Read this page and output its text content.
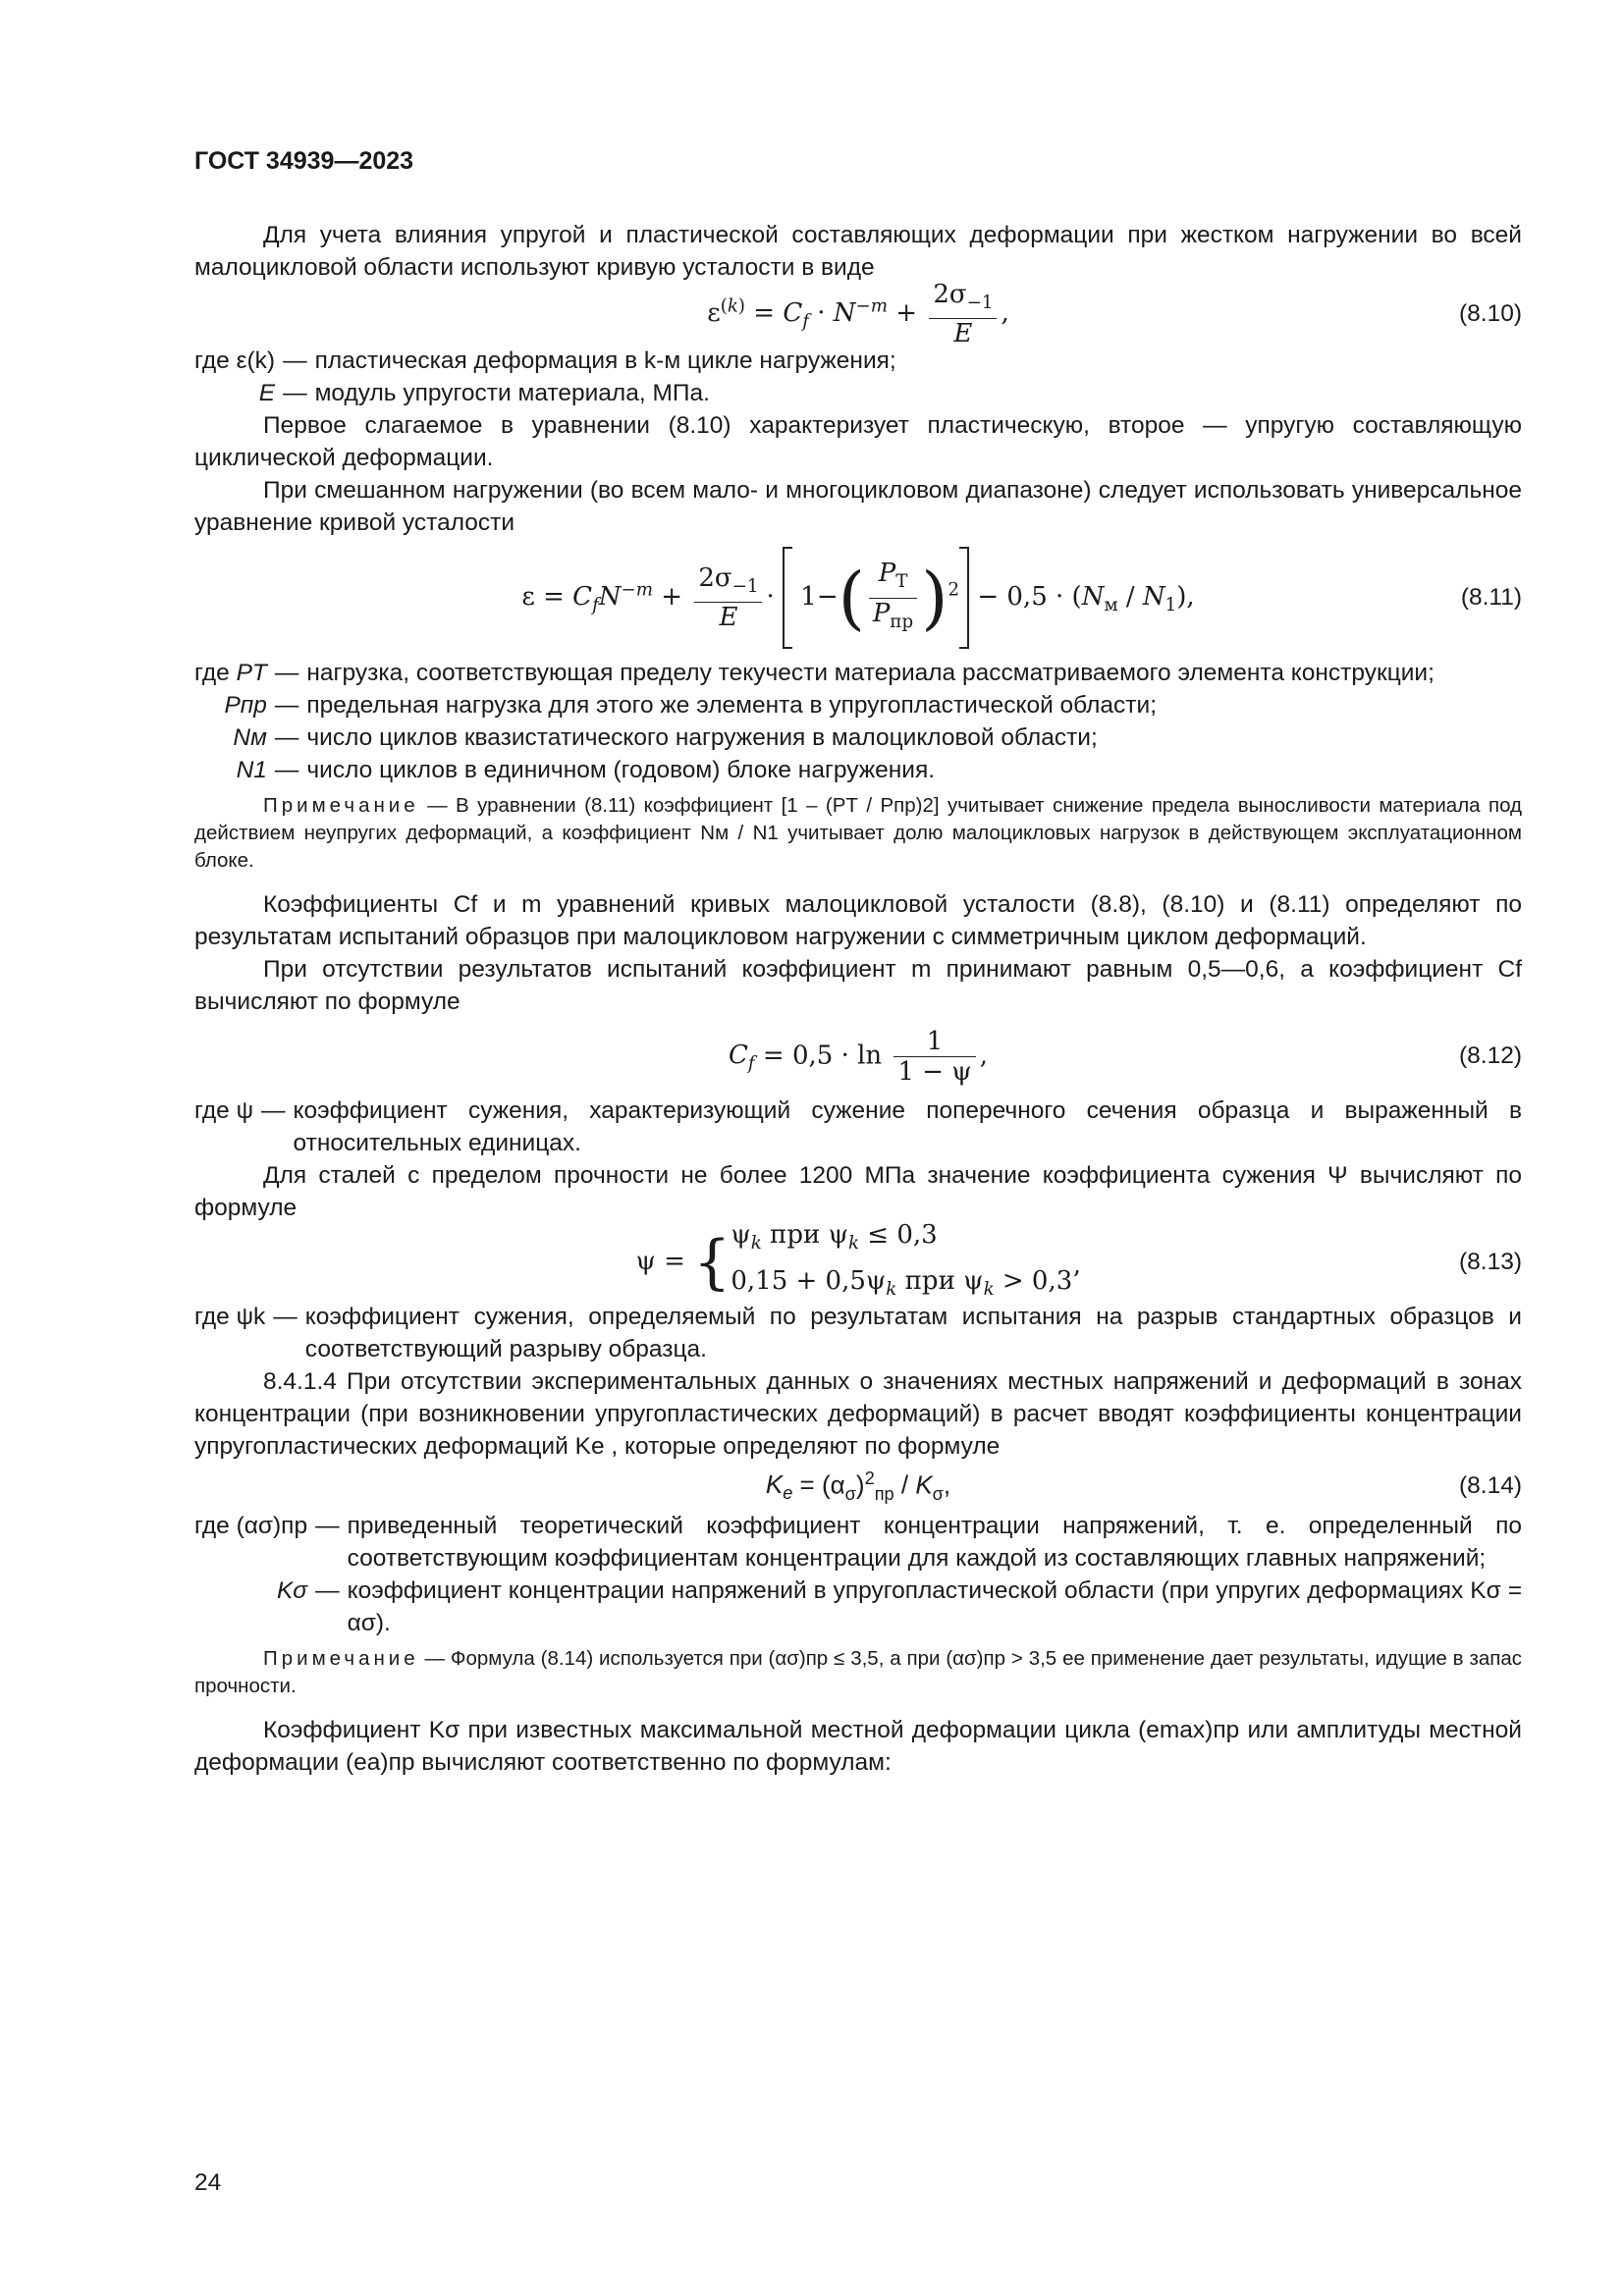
ГОСТ 34939—2023

Для учета влияния упругой и пластической составляющих деформации при жестком нагружении во всей малоцикловой области используют кривую усталости в виде

$\varepsilon^{(k)} = C_f \cdot N^{-m} + \frac{2\sigma_{-1}}{E}$ ,	(8.10)
где ε(k) — пластическая деформация в k-м цикле нагружения;
E — модуль упругости материала, МПа.

Первое слагаемое в уравнении (8.10) характеризует пластическую, второе — упругую составляющую циклической деформации.

При смешанном нагружении (во всем мало- и многоцикловом диапазоне) следует использовать универсальное уравнение кривой усталости

$\varepsilon = C_fN^{-m} + \frac{2\sigma_{-1}}{E} \cdot 1-( \frac{P_Т}{P_{пр}} )^2 - 0,5 \cdot (N_м / N_1)$,	(8.11)
где PТ — нагрузка, соответствующая пределу текучести материала рассматриваемого элемента конструкции;
Pпр — предельная нагрузка для этого же элемента в упругопластической области;
Nм — число циклов квазистатического нагружения в малоцикловой области;
N1 — число циклов в единичном (годовом) блоке нагружения.
Примечание — В уравнении (8.11) коэффициент [1 – (PТ / Pпр)2] учитывает снижение предела выносливости материала под действием неупругих деформаций, а коэффициент Nм / N1 учитывает долю малоцикловых нагрузок в действующем эксплуатационном блоке.

Коэффициенты Cf и m уравнений кривых малоцикловой усталости (8.8), (8.10) и (8.11) определяют по результатам испытаний образцов при малоцикловом нагружении с симметричным циклом деформаций.

При отсутствии результатов испытаний коэффициент m принимают равным 0,5—0,6, а коэффициент Cf вычисляют по формуле

$C_f = 0,5 \cdot \ln \frac{1}{1 - \psi}$ ,	(8.12)
где ψ — коэффициент сужения, характеризующий сужение поперечного сечения образца и выраженный в относительных единицах.

Для сталей с пределом прочности не более 1200 МПа значение коэффициента сужения Ψ вычисляют по формуле

$\psi = \{\psi_k$ при $\psi_k \le 0,3$
$0,15 + 0,5\psi_k$ при $\psi_k > 0,3$’
(8.13)
где ψk — коэффициент сужения, определяемый по результатам испытания на разрыв стандартных образцов и соответствующий разрыву образца.

8.4.1.4 При отсутствии экспериментальных данных о значениях местных напряжений и деформаций в зонах концентрации (при возникновении упругопластических деформаций) в расчет вводят коэффициенты концентрации упругопластических деформаций Ke , которые определяют по формуле

$K_e = (\alpha_\sigma)^2_{пр} / K_\sigma$,	(8.14)
где (ασ)пр — приведенный теоретический коэффициент концентрации напряжений, т. е. определенный по соответствующим коэффициентам концентрации для каждой из составляющих главных напряжений;
Kσ — коэффициент концентрации напряжений в упругопластической области (при упругих деформациях Kσ = ασ).
Примечание — Формула (8.14) используется при (ασ)пр ≤ 3,5, а при (ασ)пр > 3,5 ее применение дает результаты, идущие в запас прочности.

Коэффициент Kσ при известных максимальной местной деформации цикла (emax)пр или амплитуды местной деформации (ea)пр вычисляют соответственно по формулам:

24
